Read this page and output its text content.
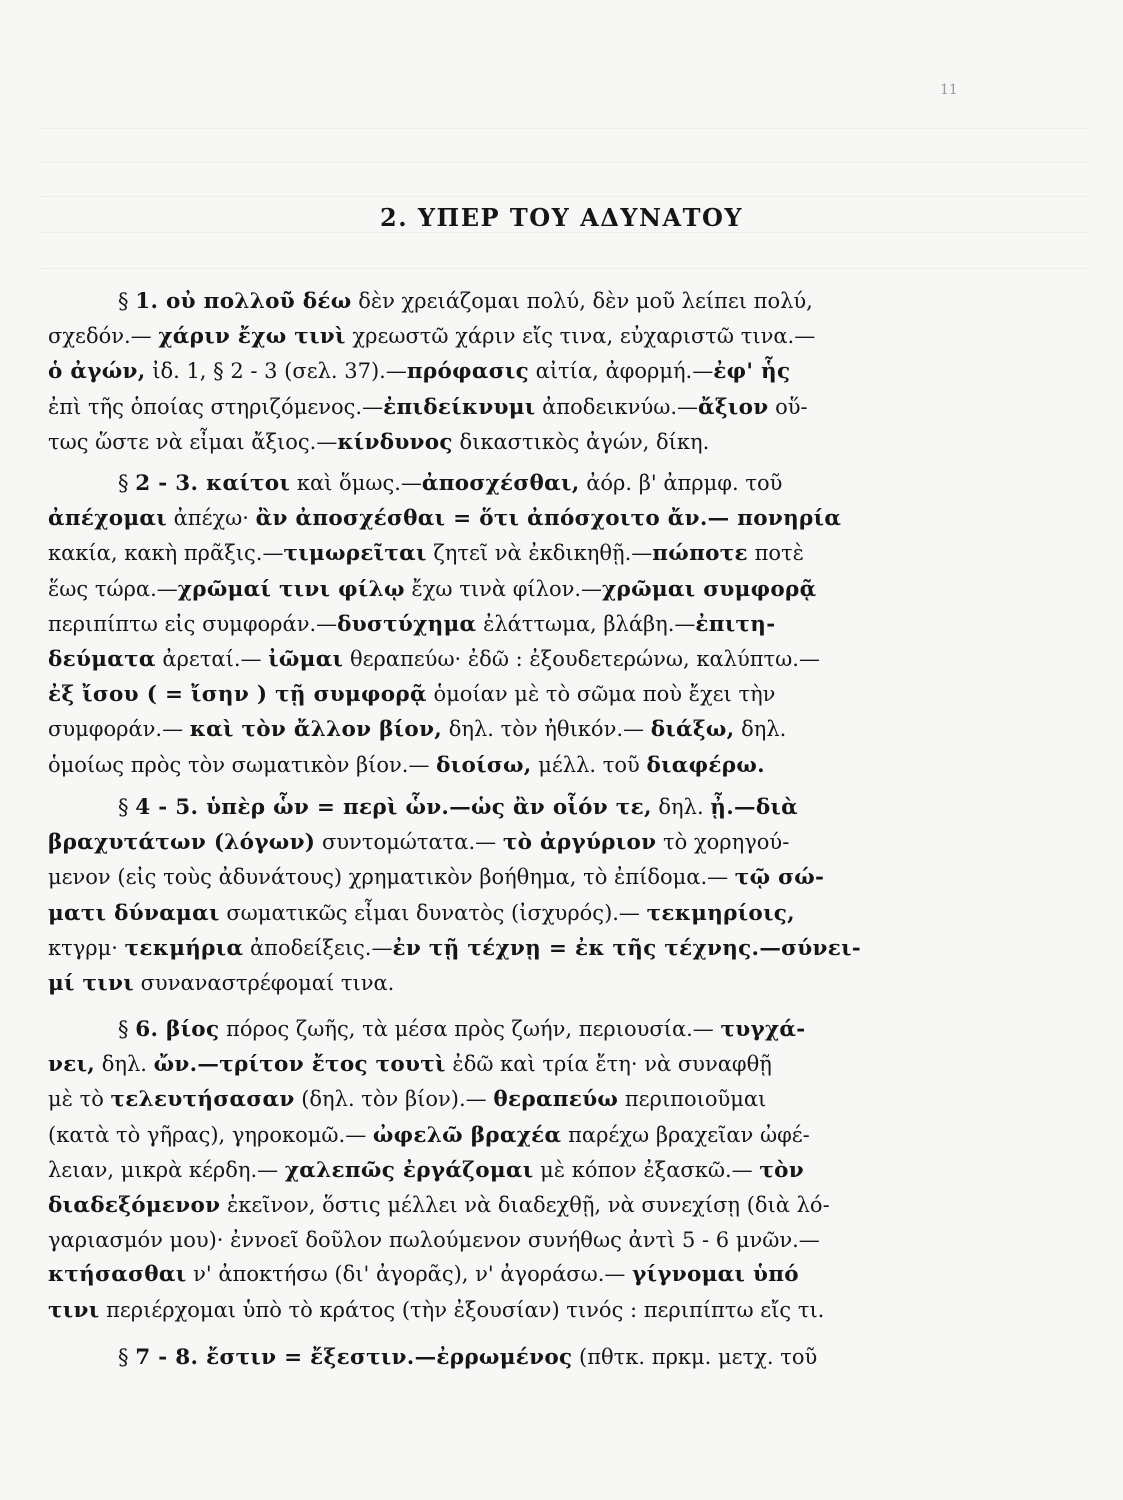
11
2. ΥΠΕΡ ΤΟΥ ΑΔΥΝΑΤΟΥ
§ 1. οὐ πολλοῦ δέω δὲν χρειάζομαι πολύ, δὲν μοῦ λείπει πολύ,
σχεδόν.— χάριν ἔχω τινὶ χρεωστῶ χάριν εἴς τινα, εὐχαριστῶ τινα.—
ὁ ἀγών, ἰδ. 1, § 2 - 3 (σελ. 37).—πρόφασις αἰτία, ἀφορμή.—ἐφ' ἧς
ἐπὶ τῆς ὁποίας στηριζόμενος.—ἐπιδείκνυμι ἀποδεικνύω.—ἄξιον οὕ-
τως ὥστε νὰ εἶμαι ἄξιος.—κίνδυνος δικαστικὸς ἀγών, δίκη.
§ 2 - 3. καίτοι καὶ ὅμως.—ἀποσχέσθαι, ἀόρ. β' ἀπρμφ. τοῦ
ἀπέχομαι ἀπέχω· ἂν ἀποσχέσθαι = ὅτι ἀπόσχοιτο ἄν.— πονηρία
κακία, κακὴ πρᾶξις.—τιμωρεῖται ζητεῖ νὰ ἐκδικηθῇ.—πώποτε ποτὲ
ἕως τώρα.—χρῶμαί τινι φίλῳ ἔχω τινὰ φίλον.—χρῶμαι συμφορᾷ
περιπίπτω εἰς συμφοράν.—δυστύχημα ἐλάττωμα, βλάβη.—ἐπιτη-
δεύματα ἀρεταί.— ἰῶμαι θεραπεύω· ἐδῶ : ἐξουδετερώνω, καλύπτω.—
ἐξ ἴσου ( = ἴσην ) τῇ συμφορᾷ ὁμοίαν μὲ τὸ σῶμα ποὺ ἔχει τὴν
συμφοράν.— καὶ τὸν ἄλλον βίον, δηλ. τὸν ἠθικόν.— διάξω, δηλ.
ὁμοίως πρὸς τὸν σωματικὸν βίον.— διοίσω, μέλλ. τοῦ διαφέρω.
§ 4 - 5. ὑπὲρ ὧν = περὶ ὧν.—ὡς ἂν οἷόν τε, δηλ. ᾖ.—διὰ
βραχυτάτων (λόγων) συντομώτατα.— τὸ ἀργύριον τὸ χορηγού-
μενον (εἰς τοὺς ἀδυνάτους) χρηματικὸν βοήθημα, τὸ ἐπίδομα.— τῷ σώ-
ματι δύναμαι σωματικῶς εἶμαι δυνατὸς (ἰσχυρός).— τεκμηρίοις,
κτγρμ· τεκμήρια ἀποδείξεις.—ἐν τῇ τέχνῃ = ἐκ τῆς τέχνης.—σύνει-
μί τινι συναναστρέφομαί τινα.
§ 6. βίος πόρος ζωῆς, τὰ μέσα πρὸς ζωήν, περιουσία.— τυγχά-
νει, δηλ. ὤν.—τρίτον ἔτος τουτὶ ἐδῶ καὶ τρία ἔτη· νὰ συναφθῇ
μὲ τὸ τελευτήσασαν (δηλ. τὸν βίον).— θεραπεύω περιποιοῦμαι
(κατὰ τὸ γῆρας), γηροκομῶ.— ὠφελῶ βραχέα παρέχω βραχεῖαν ὠφέ-
λειαν, μικρὰ κέρδη.— χαλεπῶς ἐργάζομαι μὲ κόπον ἐξασκῶ.— τὸν
διαδεξόμενον ἐκεῖνον, ὅστις μέλλει νὰ διαδεχθῇ, νὰ συνεχίσῃ (διὰ λό-
γαριασμόν μου)· ἐννοεῖ δοῦλον πωλούμενον συνήθως ἀντὶ 5 - 6 μνῶν.—
κτήσασθαι ν' ἀποκτήσω (δι' ἀγορᾶς), ν' ἀγοράσω.— γίγνομαι ὑπό
τινι περιέρχομαι ὑπὸ τὸ κράτος (τὴν ἐξουσίαν) τινός : περιπίπτω εἴς τι.
§ 7 - 8. ἔστιν = ἔξεστιν.—ἐρρωμένος (πθτκ. πρκμ. μετχ. τοῦ
